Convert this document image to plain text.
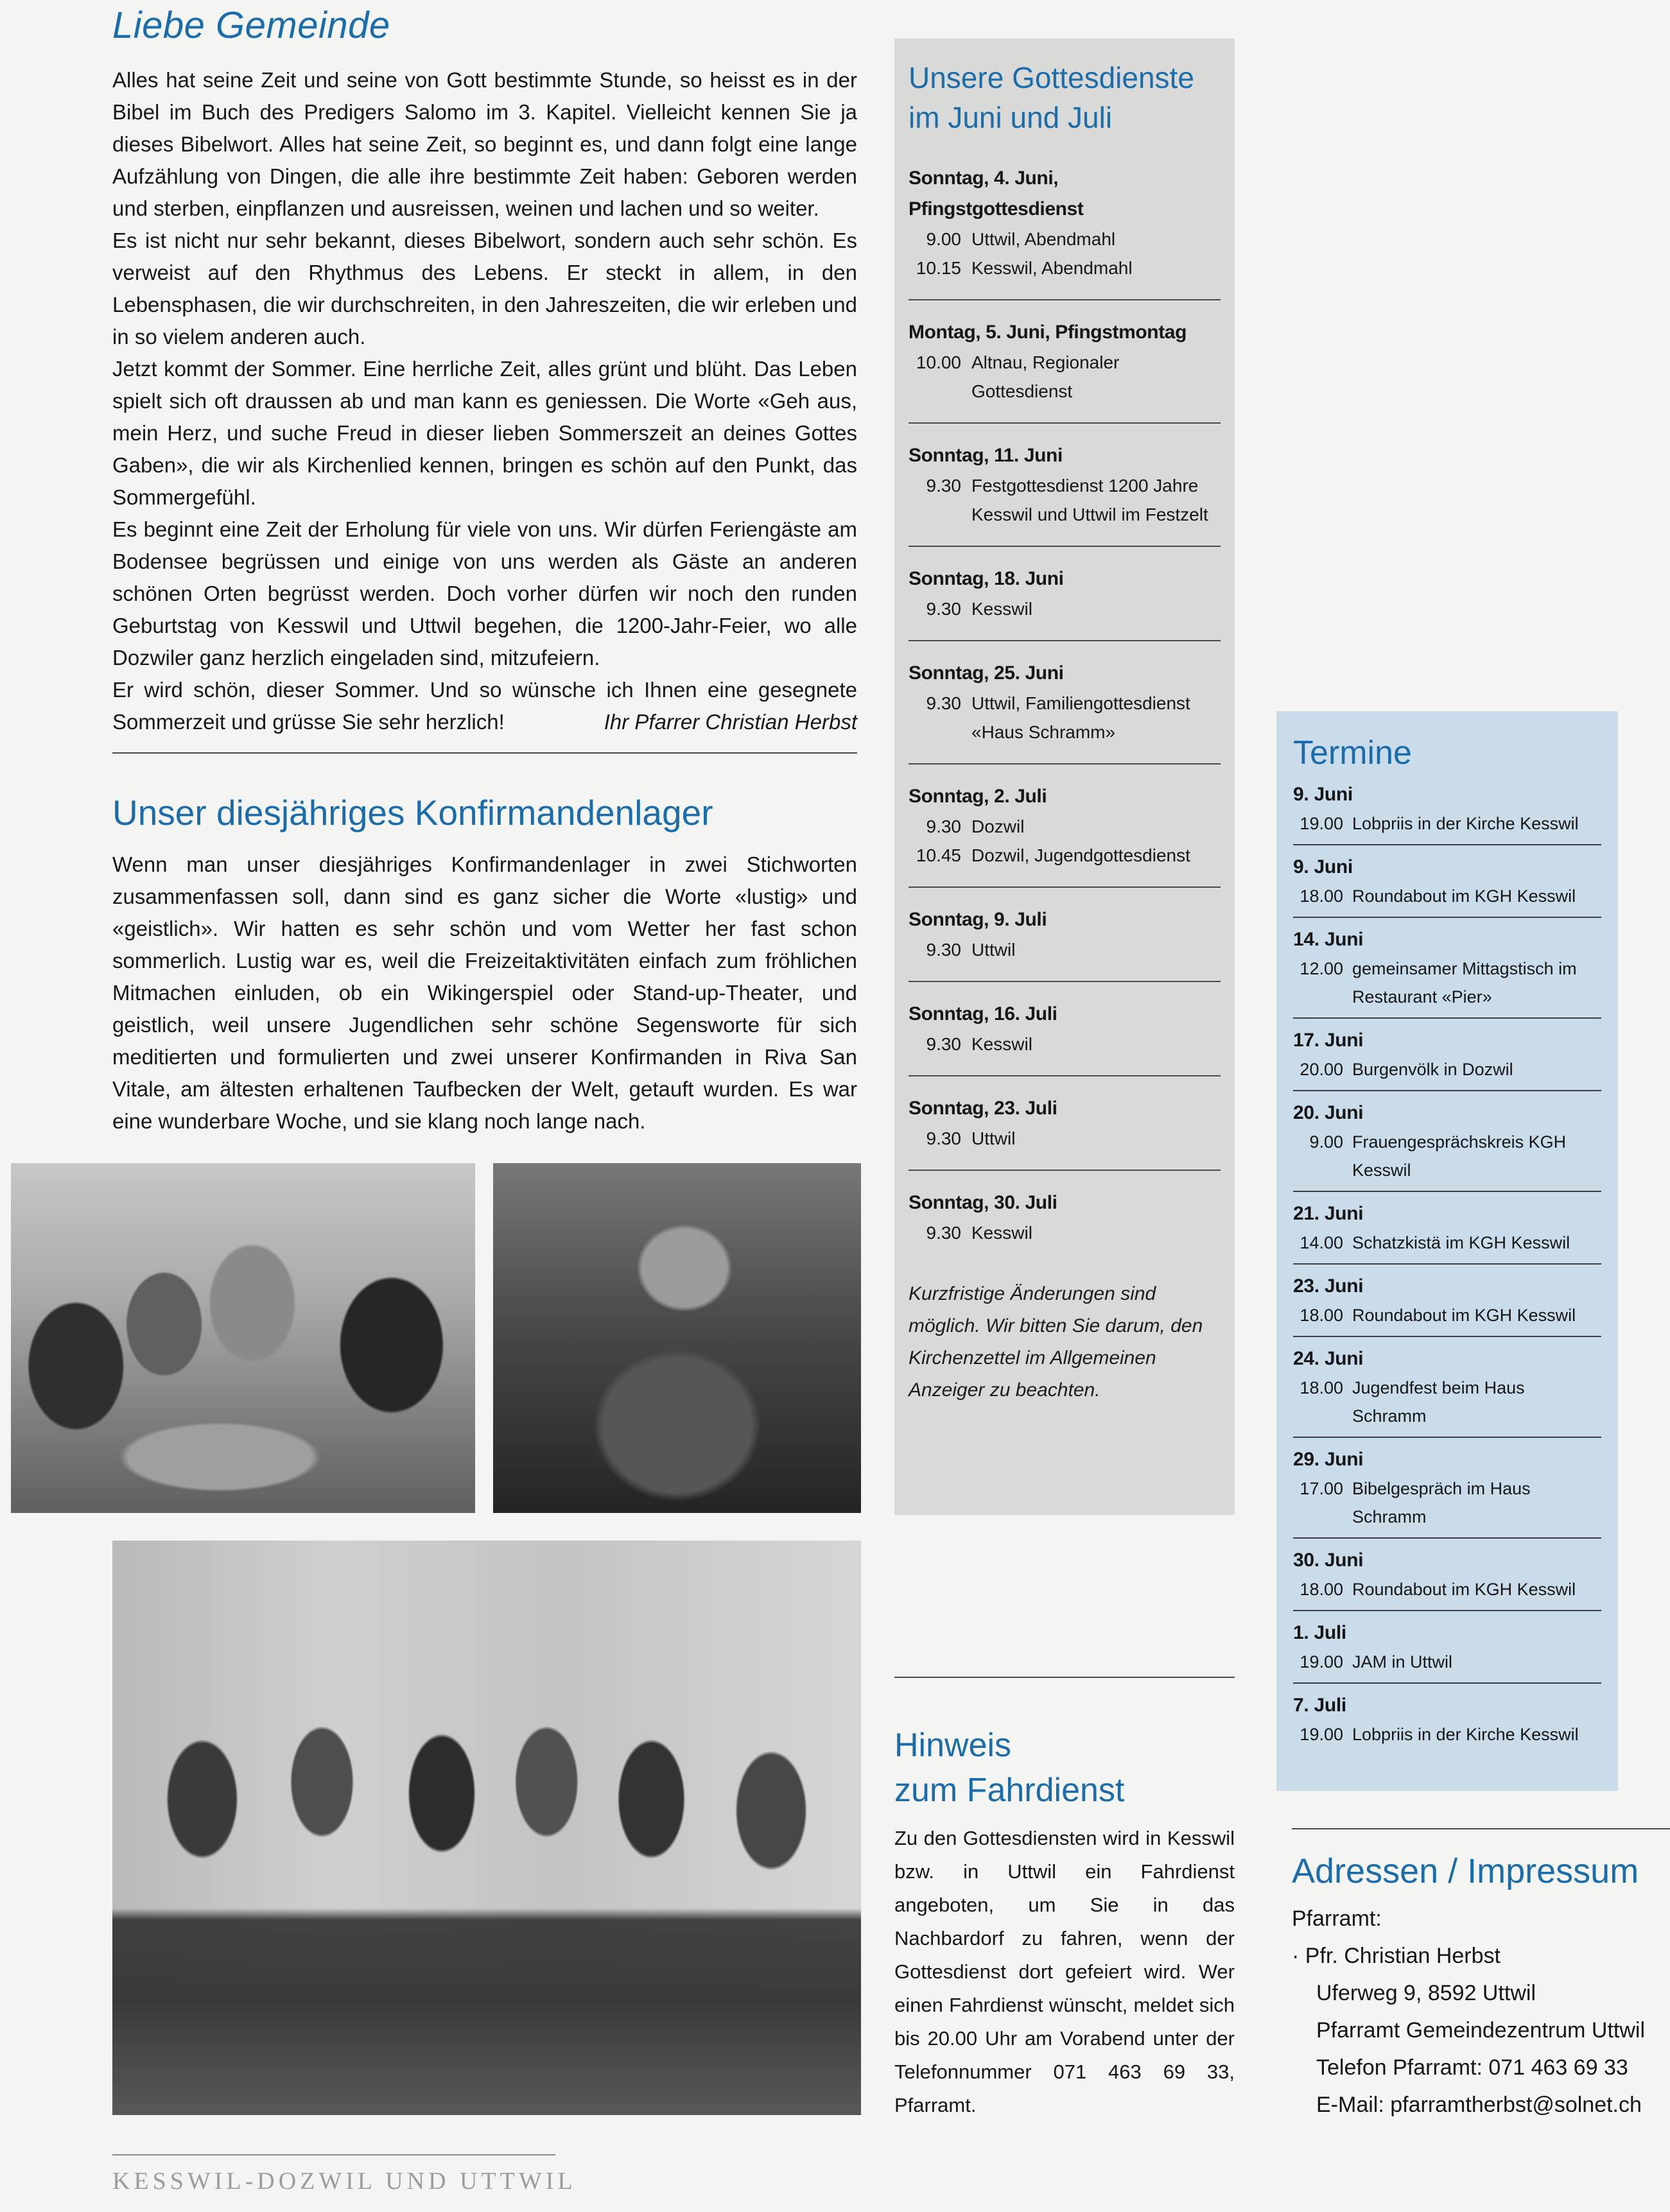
Liebe Gemeinde

Alles hat seine Zeit und seine von Gott bestimmte Stunde, so heisst es in der Bibel im Buch des Predigers Salomo im 3. Kapitel. Vielleicht kennen Sie ja dieses Bibelwort. Alles hat seine Zeit, so beginnt es, und dann folgt eine lange Aufzählung von Dingen, die alle ihre bestimmte Zeit haben: Geboren werden und sterben, einpflanzen und ausreissen, weinen und lachen und so weiter.

Es ist nicht nur sehr bekannt, dieses Bibelwort, sondern auch sehr schön. Es verweist auf den Rhythmus des Lebens. Er steckt in allem, in den Lebensphasen, die wir durchschreiten, in den Jahreszeiten, die wir erleben und in so vielem anderen auch.

Jetzt kommt der Sommer. Eine herrliche Zeit, alles grünt und blüht. Das Leben spielt sich oft draussen ab und man kann es geniessen. Die Worte «Geh aus, mein Herz, und suche Freud in dieser lieben Sommerszeit an deines Gottes Gaben», die wir als Kirchenlied kennen, bringen es schön auf den Punkt, das Sommergefühl.

Es beginnt eine Zeit der Erholung für viele von uns. Wir dürfen Feriengäste am Bodensee begrüssen und einige von uns werden als Gäste an anderen schönen Orten begrüsst werden. Doch vorher dürfen wir noch den runden Geburtstag von Kesswil und Uttwil begehen, die 1200-Jahr-Feier, wo alle Dozwiler ganz herzlich eingeladen sind, mitzufeiern.

Er wird schön, dieser Sommer. Und so wünsche ich Ihnen eine gesegnete Sommerzeit und grüsse Sie sehr herzlich!	Ihr Pfarrer Christian Herbst

Unser diesjähriges Konfirmandenlager

Wenn man unser diesjähriges Konfirmandenlager in zwei Stichworten zusammenfassen soll, dann sind es ganz sicher die Worte «lustig» und «geistlich». Wir hatten es sehr schön und vom Wetter her fast schon sommerlich. Lustig war es, weil die Freizeitaktivitäten einfach zum fröhlichen Mitmachen einluden, ob ein Wikingerspiel oder Stand-up-Theater, und geistlich, weil unsere Jugendlichen sehr schöne Segensworte für sich meditierten und formulierten und zwei unserer Konfirmanden in Riva San Vitale, am ältesten erhaltenen Taufbecken der Welt, getauft wurden. Es war eine wunderbare Woche, und sie klang noch lange nach.

Unsere Gottesdienste
im Juni und Juli
Sonntag, 4. Juni,
Pfingstgottesdienst
9.00 Uttwil, Abendmahl
10.15 Kesswil, Abendmahl
Montag, 5. Juni, Pfingstmontag
10.00 Altnau, Regionaler Gottesdienst
Sonntag, 11. Juni
9.30 Festgottesdienst 1200 Jahre Kesswil und Uttwil im Festzelt
Sonntag, 18. Juni
9.30 Kesswil
Sonntag, 25. Juni
9.30 Uttwil, Familiengottesdienst «Haus Schramm»
Sonntag, 2. Juli
9.30 Dozwil
10.45 Dozwil, Jugendgottesdienst
Sonntag, 9. Juli
9.30 Uttwil
Sonntag, 16. Juli
9.30 Kesswil
Sonntag, 23. Juli
9.30 Uttwil
Sonntag, 30. Juli
9.30 Kesswil
Kurzfristige Änderungen sind möglich. Wir bitten Sie darum, den Kirchenzettel im Allgemeinen Anzeiger zu beachten.
Hinweis
zum Fahrdienst
Zu den Gottesdiensten wird in Kesswil bzw. in Uttwil ein Fahrdienst angeboten, um Sie in das Nachbardorf zu fahren, wenn der Gottesdienst dort gefeiert wird. Wer einen Fahrdienst wünscht, meldet sich bis 20.00 Uhr am Vorabend unter der Telefonnummer 071 463 69 33, Pfarramt.
Termine
9. Juni
19.00 Lobpriis in der Kirche Kesswil
9. Juni
18.00 Roundabout im KGH Kesswil
14. Juni
12.00 gemeinsamer Mittagstisch im Restaurant «Pier»
17. Juni
20.00 Burgenvölk in Dozwil
20. Juni
9.00 Frauengesprächskreis KGH Kesswil
21. Juni
14.00 Schatzkistä im KGH Kesswil
23. Juni
18.00 Roundabout im KGH Kesswil
24. Juni
18.00 Jugendfest beim Haus Schramm
29. Juni
17.00 Bibelgespräch im Haus Schramm
30. Juni
18.00 Roundabout im KGH Kesswil
1. Juli
19.00 JAM in Uttwil
7. Juli
19.00 Lobpriis in der Kirche Kesswil
Adressen / Impressum
Pfarramt:
· Pfr. Christian Herbst
Uferweg 9, 8592 Uttwil
Pfarramt Gemeindezentrum Uttwil
Telefon Pfarramt: 071 463 69 33
E-Mail: pfarramtherbst@solnet.ch
KESSWIL-DOZWIL UND UTTWIL
